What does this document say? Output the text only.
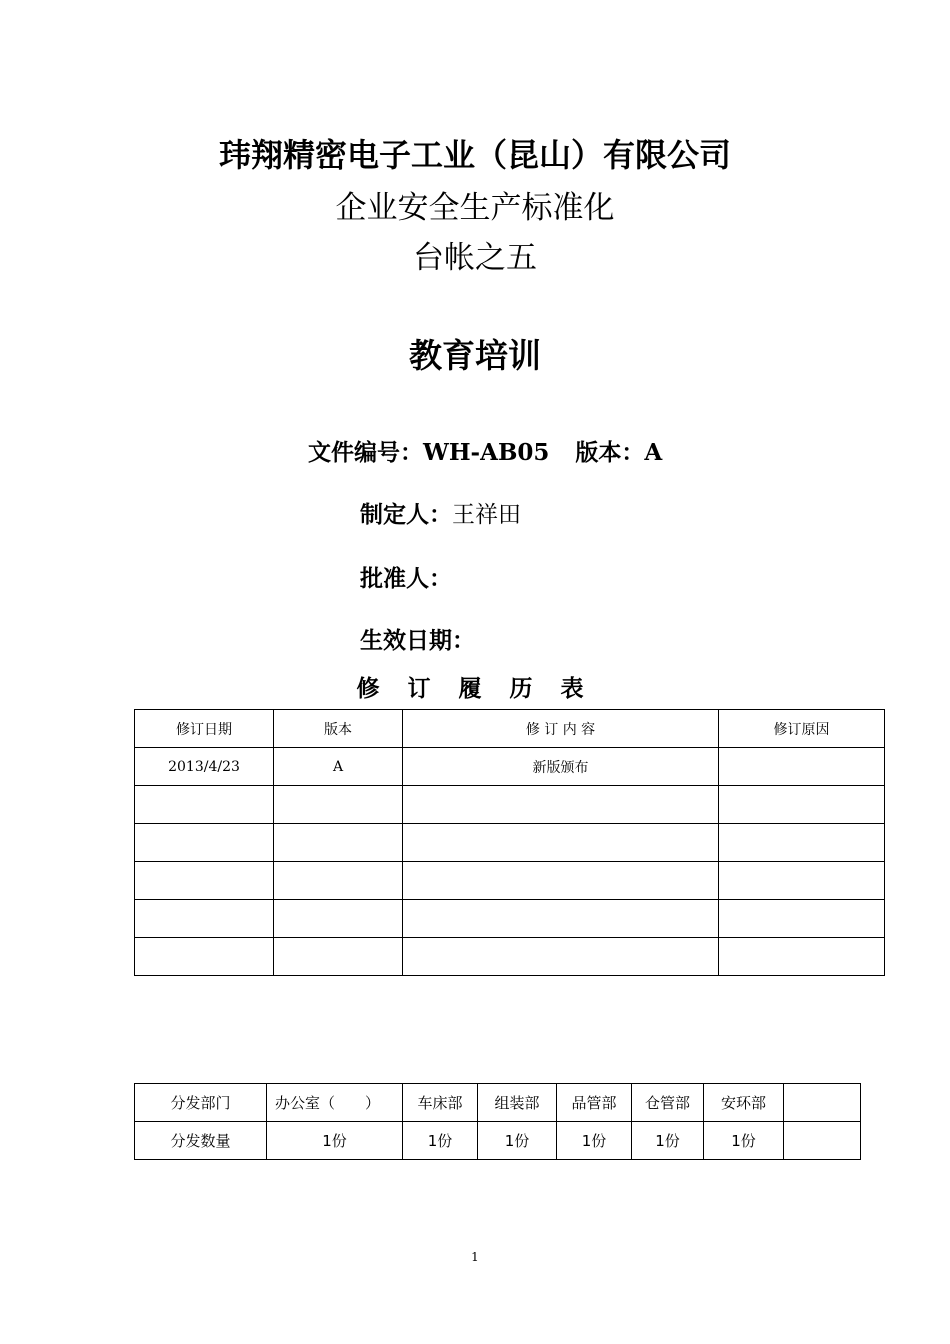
玮翔精密电子工业（昆山）有限公司
企业安全生产标准化
台帐之五
教育培训
文件编号：WH-AB05 版本：A
制定人：王祥田
批准人：
生效日期：
修 订 履 历 表
修订日期	版本	修 订 内 容	修订原因
2013/4/23	A	新版颁布	

分发部门	办公室（　　）	车床部	组装部	品管部	仓管部	安环部	
分发数量	1份	1份	1份	1份	1份	1份	
1
